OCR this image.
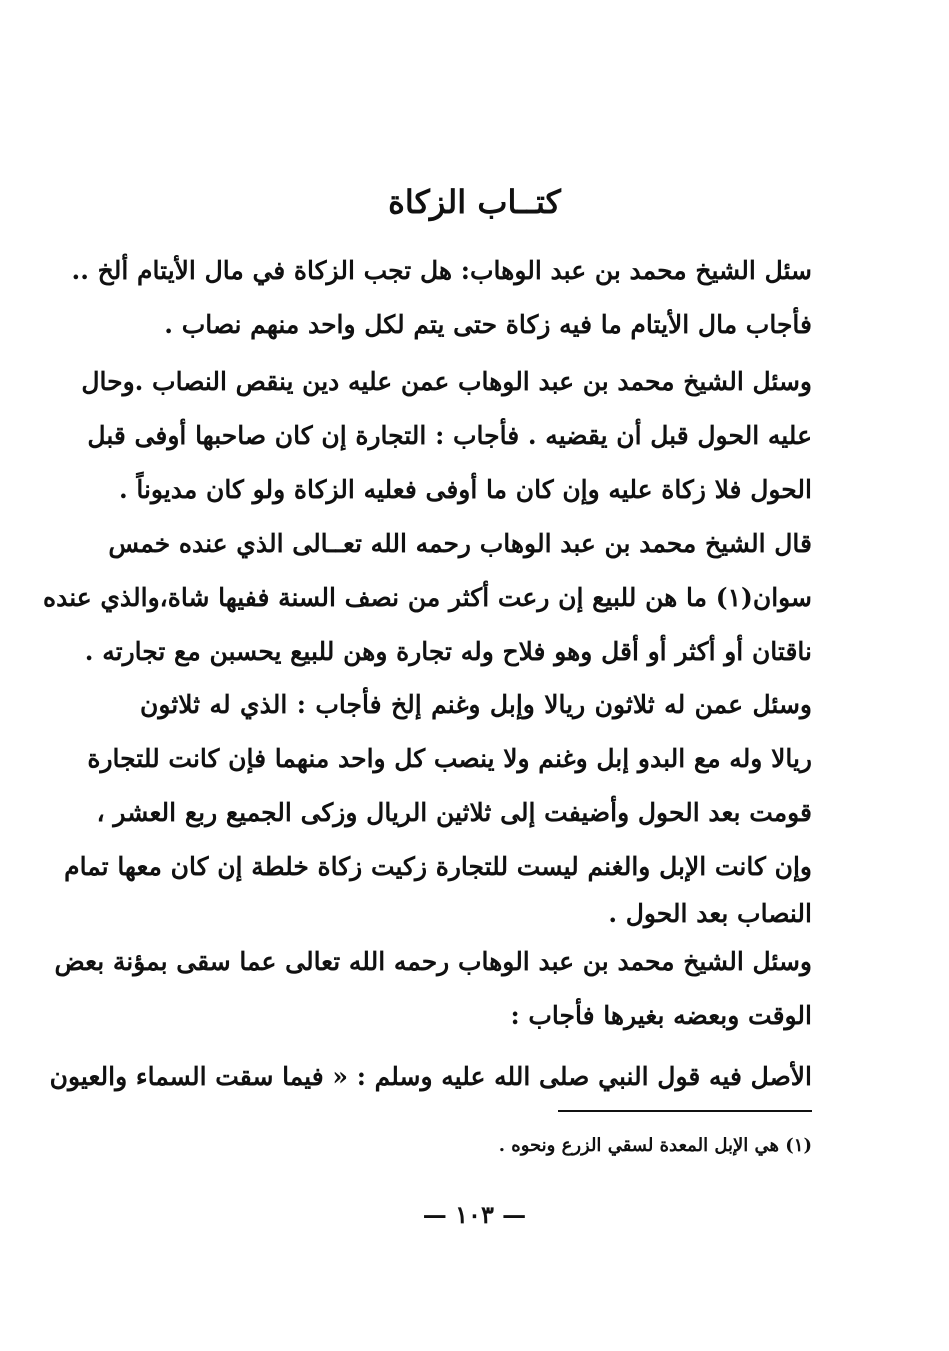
كتــاب الزكاة
سئل الشيخ محمد بن عبد الوهاب: هل تجب الزكاة في مال الأيتام ألخ ..
فأجاب مال الأيتام ما فيه زكاة حتى يتم لكل واحد منهم نصاب .
وسئل الشيخ محمد بن عبد الوهاب عمن عليه دين ينقص النصاب .وحال
عليه الحول قبل أن يقضيه . فأجاب : التجارة إن كان صاحبها أوفى قبل
الحول فلا زكاة عليه وإن كان ما أوفى فعليه الزكاة ولو كان مديوناً .
قال الشيخ محمد بن عبد الوهاب رحمه الله تعــالى الذي عنده خمس
سوان(١) ما هن للبيع إن رعت أكثر من نصف السنة ففيها شاة،والذي عنده
ناقتان أو أكثر أو أقل وهو فلاح وله تجارة وهن للبيع يحسبن مع تجارته .
وسئل عمن له ثلاثون ريالا وإبل وغنم إلخ فأجاب : الذي له ثلاثون
ريالا وله مع البدو إبل وغنم ولا ينصب كل واحد منهما فإن كانت للتجارة
قومت بعد الحول وأضيفت إلى ثلاثين الريال وزكى الجميع ربع العشر ،
وإن كانت الإبل والغنم ليست للتجارة زكيت زكاة خلطة إن كان معها تمام
النصاب بعد الحول .
وسئل الشيخ محمد بن عبد الوهاب رحمه الله تعالى عما سقى بمؤنة بعض
الوقت وبعضه بغيرها فأجاب :
الأصل فيه قول النبي صلى الله عليه وسلم : « فيما سقت السماء والعيون
(١) هي الإبل المعدة لسقي الزرع ونحوه .
— ١٠٣ —
